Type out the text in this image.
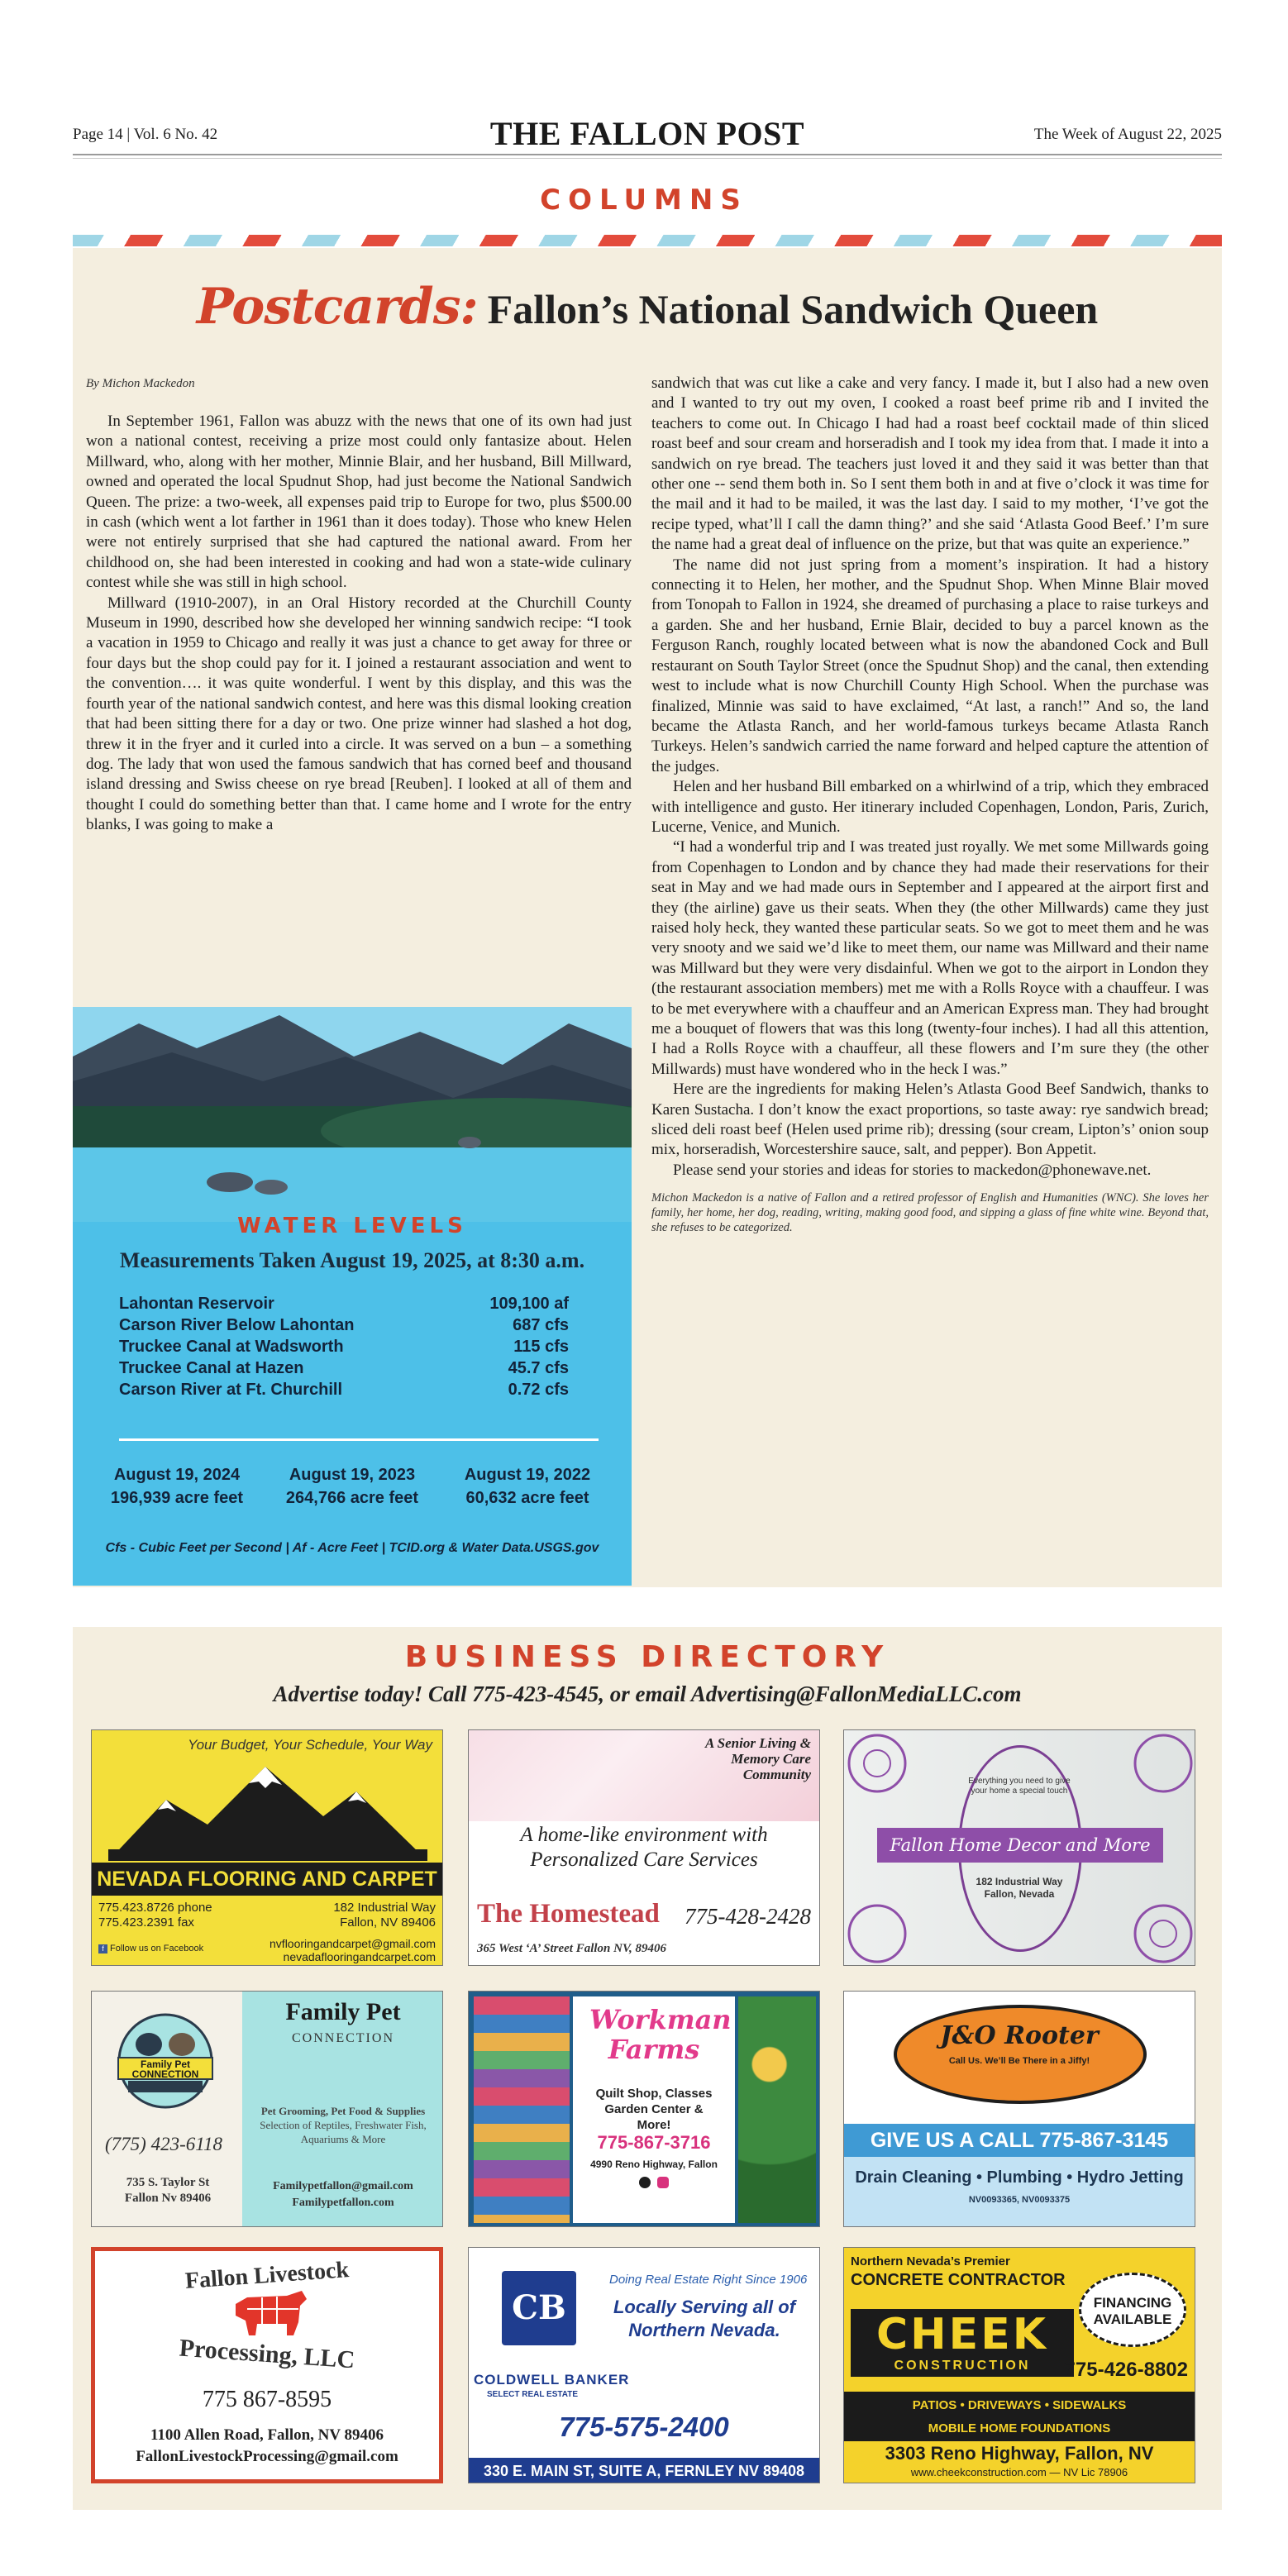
Page 14 | Vol. 6 No. 42	THE FALLON POST	The Week of August 22, 2025
COLUMNS
Postcards: Fallon’s National Sandwich Queen
By Michon Mackedon

In September 1961, Fallon was abuzz with the news that one of its own had just won a national contest, receiving a prize most could only fantasize about. Helen Millward, who, along with her mother, Minnie Blair, and her husband, Bill Millward, owned and operated the local Spudnut Shop, had just become the National Sandwich Queen. The prize: a two-week, all expenses paid trip to Europe for two, plus $500.00 in cash (which went a lot farther in 1961 than it does today). Those who knew Helen were not entirely surprised that she had captured the national award. From her childhood on, she had been interested in cooking and had won a state-wide culinary contest while she was still in high school.

Millward (1910-2007), in an Oral History recorded at the Churchill County Museum in 1990, described how she developed her winning sandwich recipe: “I took a vacation in 1959 to Chicago and really it was just a chance to get away for three or four days but the shop could pay for it. I joined a restaurant association and went to the convention…. it was quite wonderful. I went by this display, and this was the fourth year of the national sandwich contest, and here was this dismal looking creation that had been sitting there for a day or two. One prize winner had slashed a hot dog, threw it in the fryer and it curled into a circle. It was served on a bun – a something dog. The lady that won used the famous sandwich that has corned beef and thousand island dressing and Swiss cheese on rye bread [Reuben]. I looked at all of them and thought I could do something better than that. I came home and I wrote for the entry blanks, I was going to make a

sandwich that was cut like a cake and very fancy. I made it, but I also had a new oven and I wanted to try out my oven, I cooked a roast beef prime rib and I invited the teachers to come out. In Chicago I had had a roast beef cocktail made of thin sliced roast beef and sour cream and horseradish and I took my idea from that. I made it into a sandwich on rye bread. The teachers just loved it and they said it was better than that other one -- send them both in. So I sent them both in and at five o’clock it was time for the mail and it had to be mailed, it was the last day. I said to my mother, ‘I’ve got the recipe typed, what’ll I call the damn thing?’ and she said ‘Atlasta Good Beef.’ I’m sure the name had a great deal of influence on the prize, but that was quite an experience.”

The name did not just spring from a moment’s inspiration. It had a history connecting it to Helen, her mother, and the Spudnut Shop. When Minne Blair moved from Tonopah to Fallon in 1924, she dreamed of purchasing a place to raise turkeys and a garden. She and her husband, Ernie Blair, decided to buy a parcel known as the Ferguson Ranch, roughly located between what is now the abandoned Cock and Bull restaurant on South Taylor Street (once the Spudnut Shop) and the canal, then extending west to include what is now Churchill County High School. When the purchase was finalized, Minnie was said to have exclaimed, “At last, a ranch!” And so, the land became the Atlasta Ranch, and her world-famous turkeys became Atlasta Ranch Turkeys. Helen’s sandwich carried the name forward and helped capture the attention of the judges.

Helen and her husband Bill embarked on a whirlwind of a trip, which they embraced with intelligence and gusto. Her itinerary included Copenhagen, London, Paris, Zurich, Lucerne, Venice, and Munich.

“I had a wonderful trip and I was treated just royally. We met some Millwards going from Copenhagen to London and by chance they had made their reservations for their seat in May and we had made ours in September and I appeared at the airport first and they (the airline) gave us their seats. When they (the other Millwards) came they just raised holy heck, they wanted these particular seats. So we got to meet them and he was very snooty and we said we’d like to meet them, our name was Millward and their name was Millward but they were very disdainful. When we got to the airport in London they (the restaurant association members) met me with a Rolls Royce with a chauffeur. I was to be met everywhere with a chauffeur and an American Express man. They had brought me a bouquet of flowers that was this long (twenty-four inches). I had all this attention, I had a Rolls Royce with a chauffeur, all these flowers and I’m sure they (the other Millwards) must have wondered who in the heck I was.”

Here are the ingredients for making Helen’s Atlasta Good Beef Sandwich, thanks to Karen Sustacha. I don’t know the exact proportions, so taste away: rye sandwich bread; sliced deli roast beef (Helen used prime rib); dressing (sour cream, Lipton’s’ onion soup mix, horseradish, Worcestershire sauce, salt, and pepper). Bon Appetit.

Please send your stories and ideas for stories to mackedon@phonewave.net.

Michon Mackedon is a native of Fallon and a retired professor of English and Humanities (WNC). She loves her family, her home, her dog, reading, writing, making good food, and sipping a glass of fine white wine. Beyond that, she refuses to be categorized.

WATER LEVELS
Measurements Taken August 19, 2025, at 8:30 a.m.
Lahontan Reservoir	109,100 af
Carson River Below Lahontan	687 cfs
Truckee Canal at Wadsworth	115 cfs
Truckee Canal at Hazen	45.7 cfs
Carson River at Ft. Churchill	0.72 cfs
August 19, 2024
196,939 acre feet
August 19, 2023
264,766 acre feet
August 19, 2022
60,632 acre feet
Cfs - Cubic Feet per Second | Af - Acre Feet | TCID.org & Water Data.USGS.gov
BUSINESS DIRECTORY
Advertise today! Call 775-423-4545, or email Advertising@FallonMediaLLC.com
Your Budget, Your Schedule, Your Way
NEVADA FLOORING AND CARPET
775.423.8726 phone
775.423.2391 fax
182 Industrial Way
Fallon, NV 89406
f Follow us on Facebook	nvflooringandcarpet@gmail.com
nevadaflooringandcarpet.com
A Senior Living & Memory Care Community
A home-like environment with Personalized Care Services
The Homestead 775-428-2428
365 West ‘A’ Street Fallon NV, 89406
Everything you need to give your home a special touch
Fallon Home Decor and More
182 Industrial Way
Fallon, Nevada
Family Pet CONNECTION
(775) 423-6118
735 S. Taylor St
Fallon Nv 89406
Family Pet
CONNECTION
Pet Grooming, Pet Food & Supplies
Selection of Reptiles, Freshwater Fish, Aquariums & More
Familypetfallon@gmail.com
Familypetfallon.com
Workman Farms
Quilt Shop, Classes Garden Center & More!
775-867-3716
4990 Reno Highway, Fallon

J&O Rooter
Call Us. We’ll Be There in a Jiffy!
GIVE US A CALL 775-867-3145
Drain Cleaning • Plumbing • Hydro Jetting
NV0093365, NV0093375
Fallon Livestock
Processing, LLC
775 867-8595
1100 Allen Road, Fallon, NV 89406
FallonLivestockProcessing@gmail.com
CB
Doing Real Estate Right Since 1906
Locally Serving all of Northern Nevada.
COLDWELL BANKER
SELECT REAL ESTATE
775-575-2400
330 E. MAIN ST, SUITE A, FERNLEY NV 89408
Northern Nevada’s Premier
CONCRETE CONTRACTOR
CHEEK
CONSTRUCTION
FINANCING AVAILABLE
775-426-8802
PATIOS • DRIVEWAYS • SIDEWALKS
MOBILE HOME FOUNDATIONS
3303 Reno Highway, Fallon, NV
www.cheekconstruction.com — NV Lic 78906
